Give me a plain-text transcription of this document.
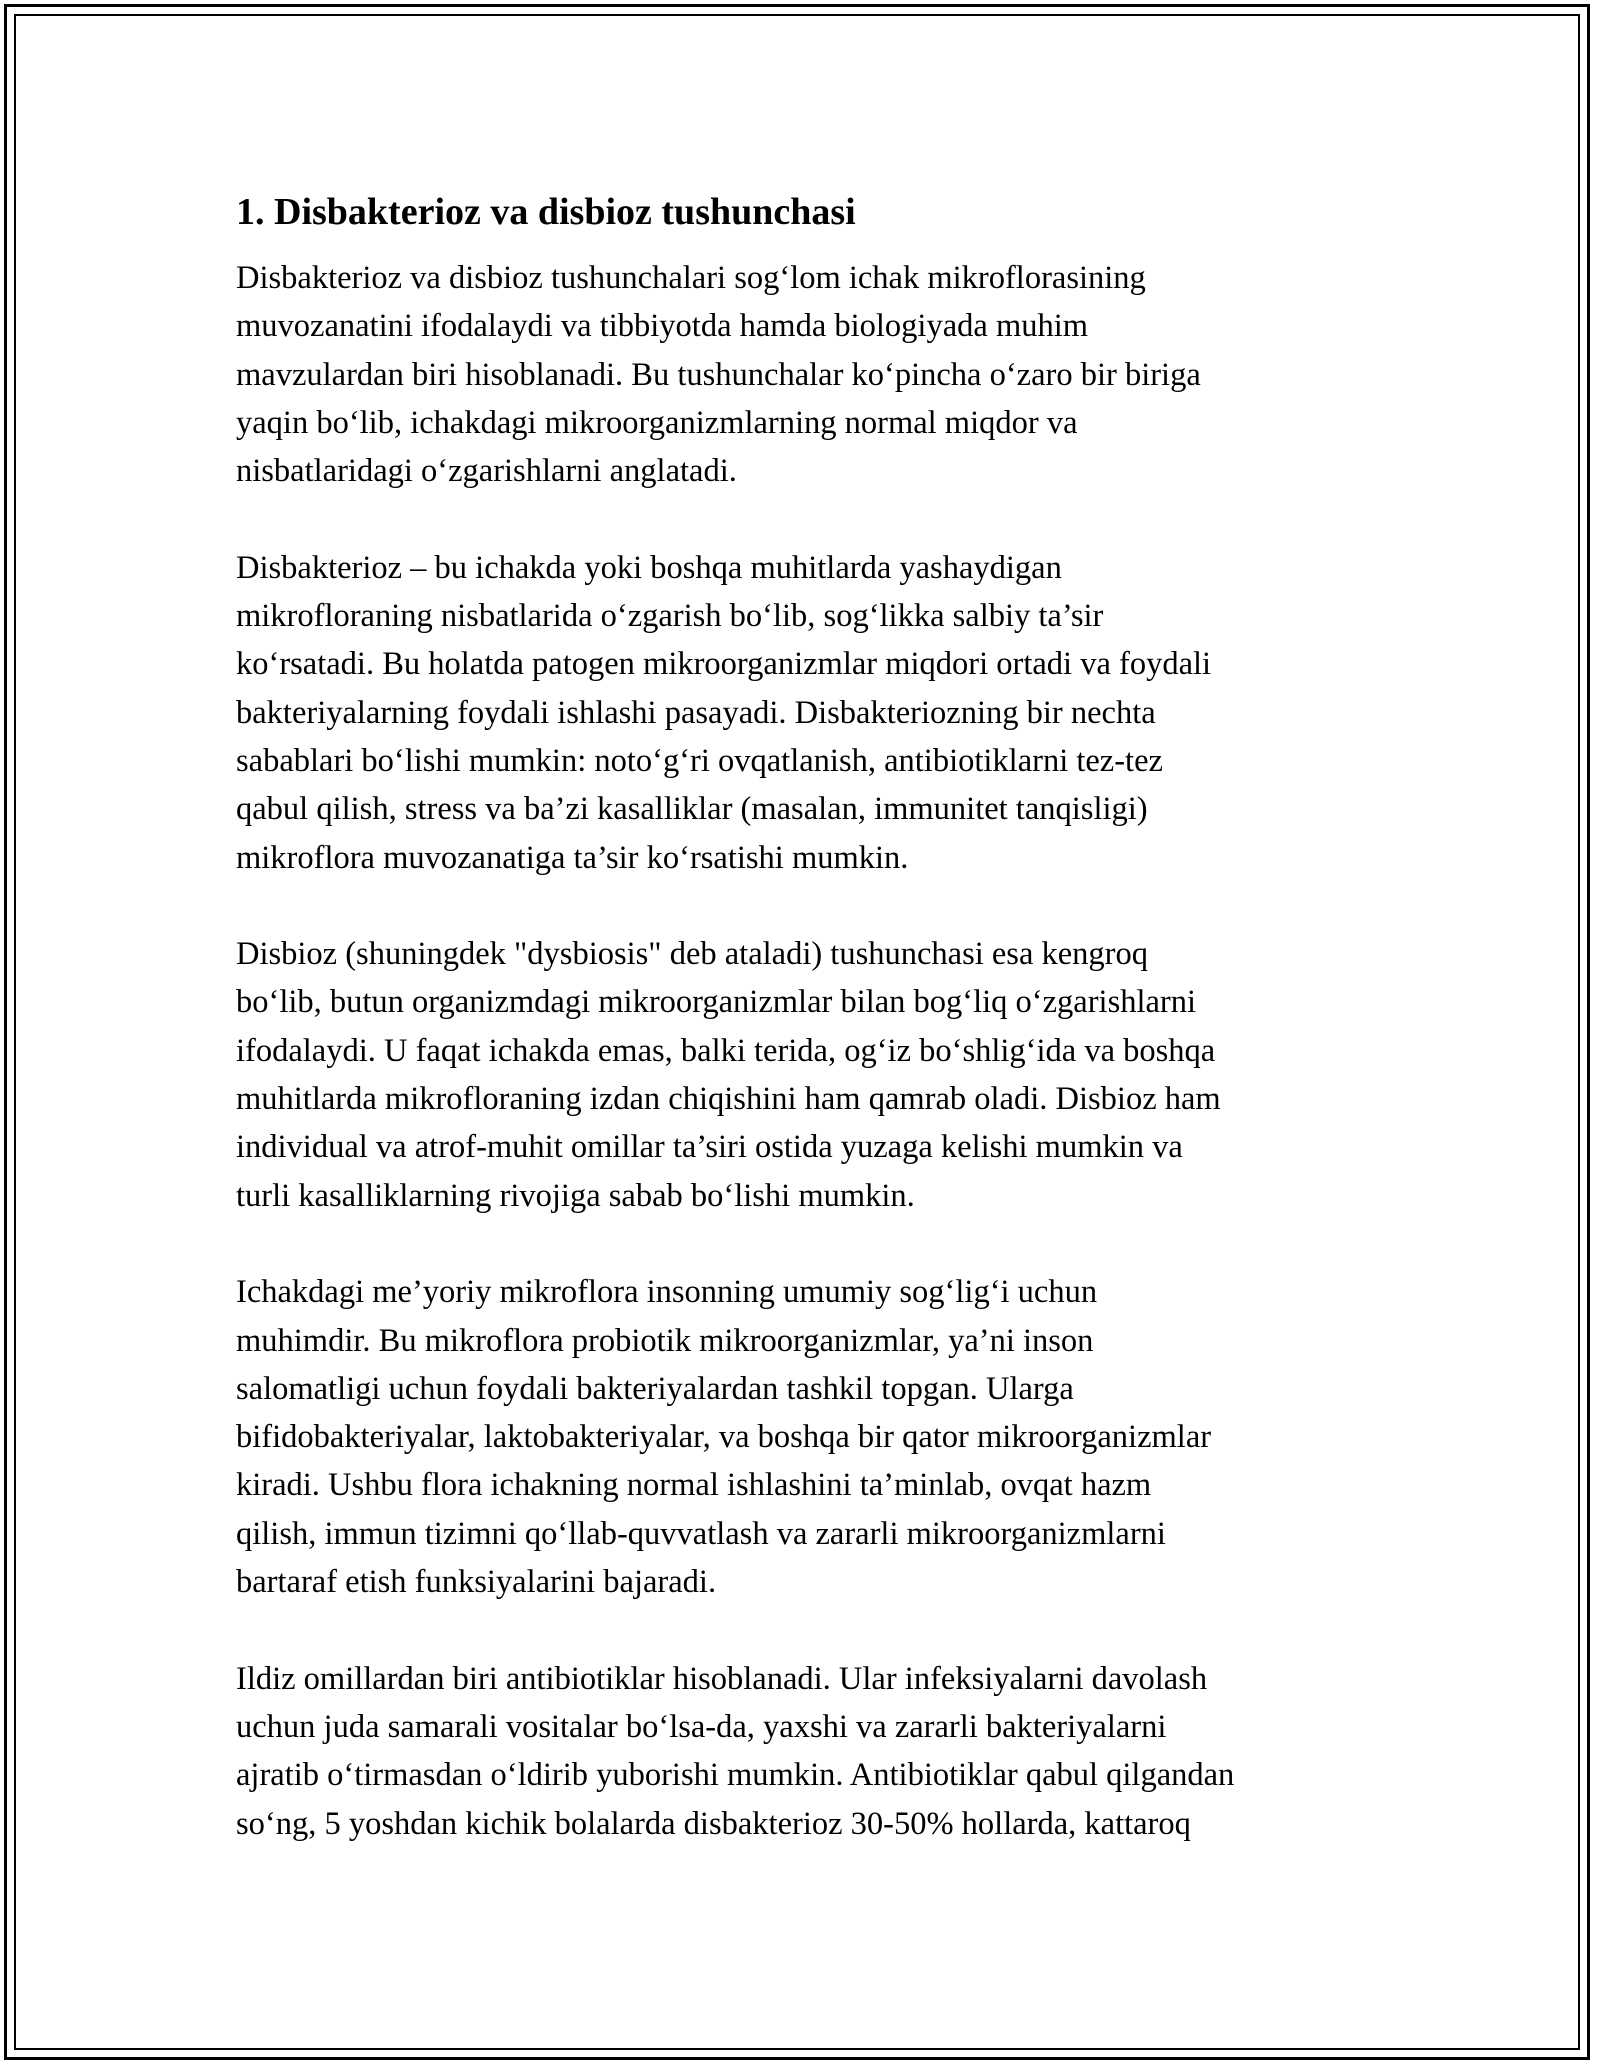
1. Disbakterioz va disbioz tushunchasi

Disbakterioz va disbioz tushunchalari sog‘lom ichak mikroflorasining
muvozanatini ifodalaydi va tibbiyotda hamda biologiyada muhim
mavzulardan biri hisoblanadi. Bu tushunchalar ko‘pincha o‘zaro bir biriga
yaqin bo‘lib, ichakdagi mikroorganizmlarning normal miqdor va
nisbatlaridagi o‘zgarishlarni anglatadi.

Disbakterioz – bu ichakda yoki boshqa muhitlarda yashaydigan
mikrofloraning nisbatlarida o‘zgarish bo‘lib, sog‘likka salbiy ta’sir
ko‘rsatadi. Bu holatda patogen mikroorganizmlar miqdori ortadi va foydali
bakteriyalarning foydali ishlashi pasayadi. Disbakteriozning bir nechta
sabablari bo‘lishi mumkin: noto‘g‘ri ovqatlanish, antibiotiklarni tez-tez
qabul qilish, stress va ba’zi kasalliklar (masalan, immunitet tanqisligi)
mikroflora muvozanatiga ta’sir ko‘rsatishi mumkin.

Disbioz (shuningdek "dysbiosis" deb ataladi) tushunchasi esa kengroq
bo‘lib, butun organizmdagi mikroorganizmlar bilan bog‘liq o‘zgarishlarni
ifodalaydi. U faqat ichakda emas, balki terida, og‘iz bo‘shlig‘ida va boshqa
muhitlarda mikrofloraning izdan chiqishini ham qamrab oladi. Disbioz ham
individual va atrof-muhit omillar ta’siri ostida yuzaga kelishi mumkin va
turli kasalliklarning rivojiga sabab bo‘lishi mumkin.

Ichakdagi me’yoriy mikroflora insonning umumiy sog‘lig‘i uchun
muhimdir. Bu mikroflora probiotik mikroorganizmlar, ya’ni inson
salomatligi uchun foydali bakteriyalardan tashkil topgan. Ularga
bifidobakteriyalar, laktobakteriyalar, va boshqa bir qator mikroorganizmlar
kiradi. Ushbu flora ichakning normal ishlashini ta’minlab, ovqat hazm
qilish, immun tizimni qo‘llab-quvvatlash va zararli mikroorganizmlarni
bartaraf etish funksiyalarini bajaradi.

Ildiz omillardan biri antibiotiklar hisoblanadi. Ular infeksiyalarni davolash
uchun juda samarali vositalar bo‘lsa-da, yaxshi va zararli bakteriyalarni
ajratib o‘tirmasdan o‘ldirib yuborishi mumkin. Antibiotiklar qabul qilgandan
so‘ng, 5 yoshdan kichik bolalarda disbakterioz 30-50% hollarda, kattaroq
